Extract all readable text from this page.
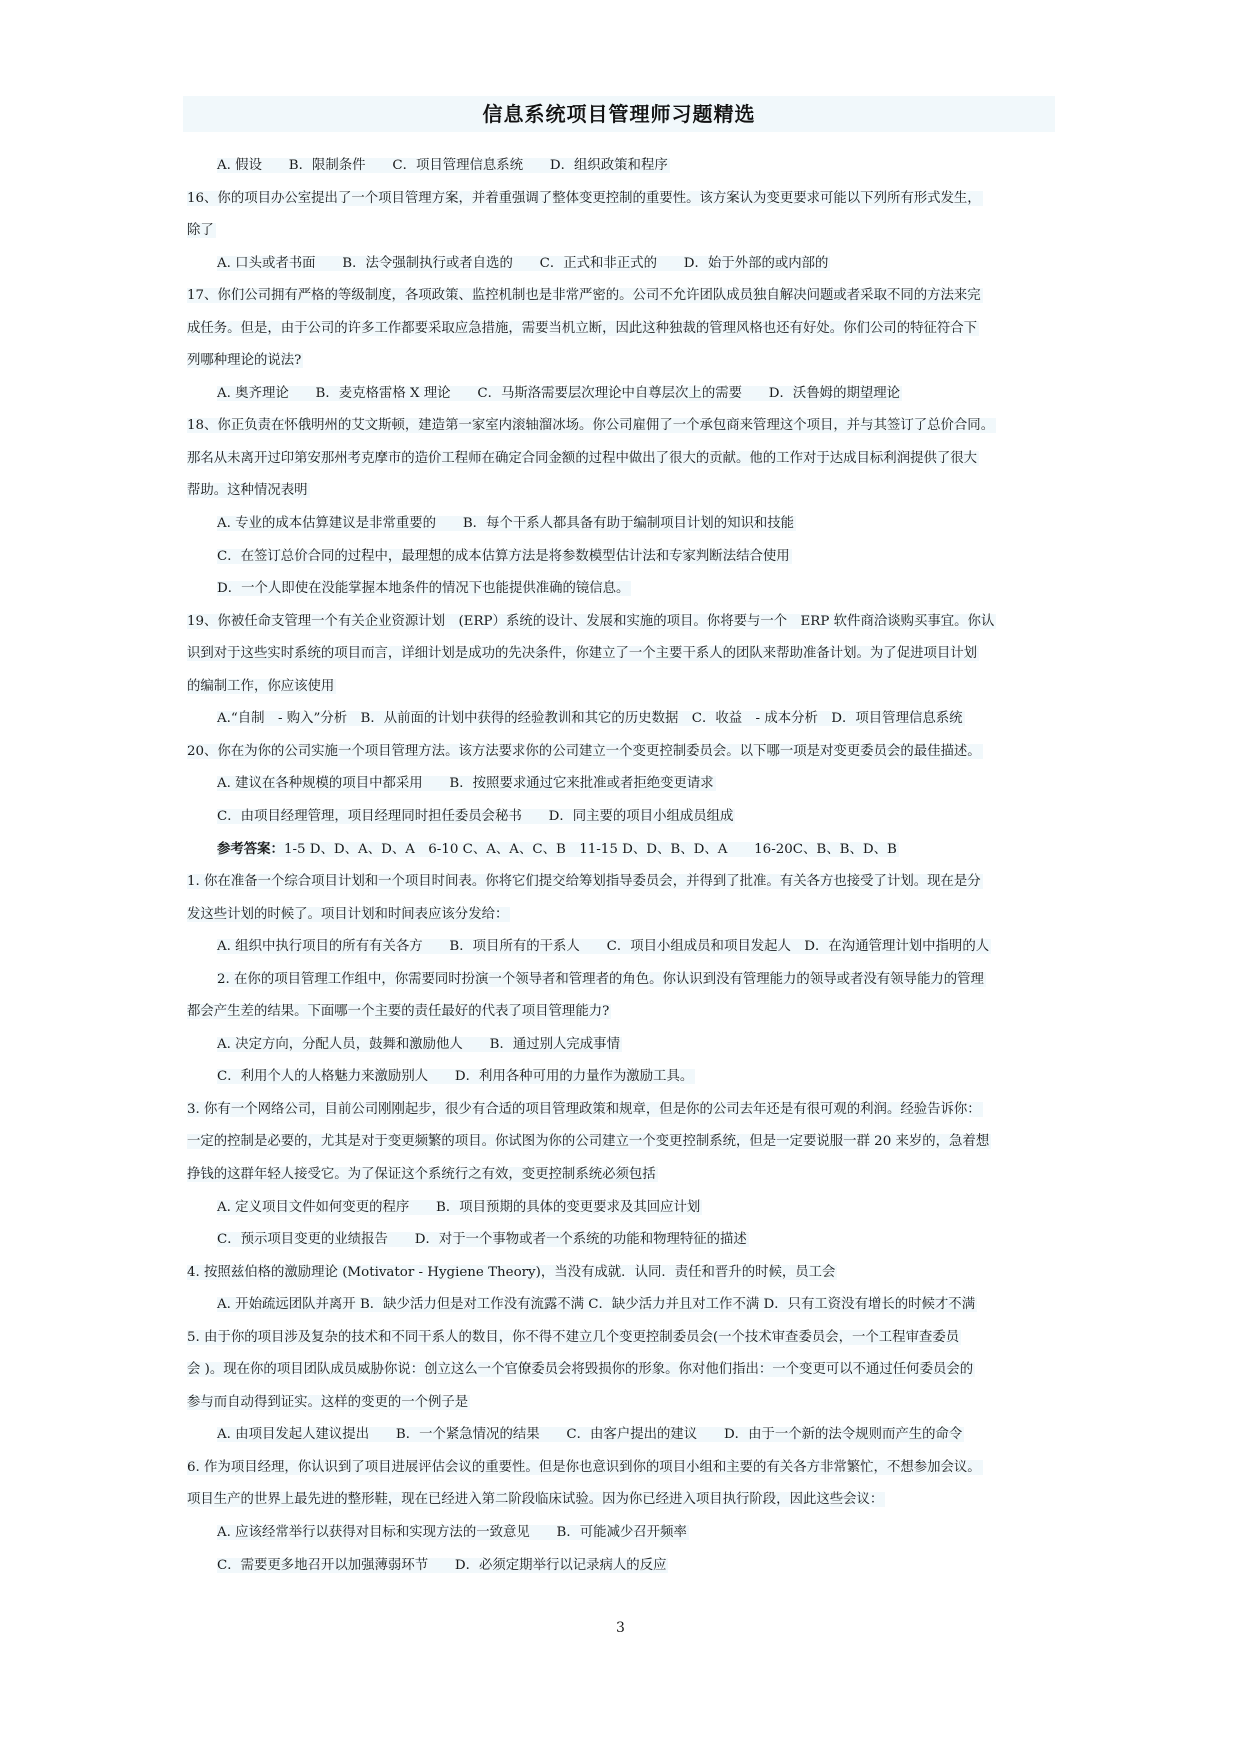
信息系统项目管理师习题精选
A. 假设　　B．限制条件　　C．项目管理信息系统　　D．组织政策和程序
16、你的项目办公室提出了一个项目管理方案，并着重强调了整体变更控制的重要性。该方案认为变更要求可能以下列所有形式发生，
除了
A. 口头或者书面　　B．法令强制执行或者自选的　　C．正式和非正式的　　D．始于外部的或内部的
17、你们公司拥有严格的等级制度，各项政策、监控机制也是非常严密的。公司不允许团队成员独自解决问题或者采取不同的方法来完
成任务。但是，由于公司的许多工作都要采取应急措施，需要当机立断，因此这种独裁的管理风格也还有好处。你们公司的特征符合下
列哪种理论的说法?
A. 奥齐理论　　B．麦克格雷格 X 理论　　C．马斯洛需要层次理论中自尊层次上的需要　　D．沃鲁姆的期望理论
18、你正负责在怀俄明州的艾文斯顿，建造第一家室内滚轴溜冰场。你公司雇佣了一个承包商来管理这个项目，并与其签订了总价合同。
那名从未离开过印第安那州考克摩市的造价工程师在确定合同金额的过程中做出了很大的贡献。他的工作对于达成目标利润提供了很大
帮助。这种情况表明
A. 专业的成本估算建议是非常重要的　　B．每个干系人都具备有助于编制项目计划的知识和技能
C．在签订总价合同的过程中，最理想的成本估算方法是将参数模型估计法和专家判断法结合使用
D．一个人即使在没能掌握本地条件的情况下也能提供准确的镜信息。
19、你被任命支管理一个有关企业资源计划　(ERP）系统的设计、发展和实施的项目。你将要与一个　ERP 软件商洽谈购买事宜。你认
识到对于这些实时系统的项目而言，详细计划是成功的先决条件，你建立了一个主要干系人的团队来帮助准备计划。为了促进项目计划
的编制工作，你应该使用
A.“自制　- 购入”分析　B．从前面的计划中获得的经验教训和其它的历史数据　C．收益　- 成本分析　D．项目管理信息系统
20、你在为你的公司实施一个项目管理方法。该方法要求你的公司建立一个变更控制委员会。以下哪一项是对变更委员会的最佳描述。
A. 建议在各种规模的项目中都采用　　B．按照要求通过它来批准或者拒绝变更请求
C．由项目经理管理，项目经理同时担任委员会秘书　　D．同主要的项目小组成员组成
参考答案：1-5 D、D、A、D、A　6-10 C、A、A、C、B　11-15 D、D、B、D、A　　16-20C、B、B、D、B
1. 你在准备一个综合项目计划和一个项目时间表。你将它们提交给筹划指导委员会，并得到了批准。有关各方也接受了计划。现在是分
发这些计划的时候了。项目计划和时间表应该分发给：
A. 组织中执行项目的所有有关各方　　B．项目所有的干系人　　C．项目小组成员和项目发起人　D．在沟通管理计划中指明的人
2. 在你的项目管理工作组中，你需要同时扮演一个领导者和管理者的角色。你认识到没有管理能力的领导或者没有领导能力的管理
都会产生差的结果。下面哪一个主要的责任最好的代表了项目管理能力?
A. 决定方向，分配人员，鼓舞和激励他人　　B．通过别人完成事情
C．利用个人的人格魅力来激励别人　　D．利用各种可用的力量作为激励工具。
3. 你有一个网络公司，目前公司刚刚起步，很少有合适的项目管理政策和规章，但是你的公司去年还是有很可观的利润。经验告诉你：
一定的控制是必要的，尤其是对于变更频繁的项目。你试图为你的公司建立一个变更控制系统，但是一定要说服一群 20 来岁的，急着想
挣钱的这群年轻人接受它。为了保证这个系统行之有效，变更控制系统必须包括
A. 定义项目文件如何变更的程序　　B．项目预期的具体的变更要求及其回应计划
C．预示项目变更的业绩报告　　D．对于一个事物或者一个系统的功能和物理特征的描述
4. 按照兹伯格的激励理论 (Motivator - Hygiene Theory)，当没有成就．认同．责任和晋升的时候，员工会
A. 开始疏远团队并离开 B．缺少活力但是对工作没有流露不满 C．缺少活力并且对工作不满 D．只有工资没有增长的时候才不满
5. 由于你的项目涉及复杂的技术和不同干系人的数目，你不得不建立几个变更控制委员会(一个技术审查委员会，一个工程审查委员
会 )。现在你的项目团队成员威胁你说：创立这么一个官僚委员会将毁损你的形象。你对他们指出：一个变更可以不通过任何委员会的
参与而自动得到证实。这样的变更的一个例子是
A. 由项目发起人建议提出　　B．一个紧急情况的结果　　C．由客户提出的建议　　D．由于一个新的法令规则而产生的命令
6. 作为项目经理，你认识到了项目进展评估会议的重要性。但是你也意识到你的项目小组和主要的有关各方非常繁忙，不想参加会议。
项目生产的世界上最先进的整形鞋，现在已经进入第二阶段临床试验。因为你已经进入项目执行阶段，因此这些会议：
A. 应该经常举行以获得对目标和实现方法的一致意见　　B．可能减少召开频率
C．需要更多地召开以加强薄弱环节　　D．必须定期举行以记录病人的反应
3
